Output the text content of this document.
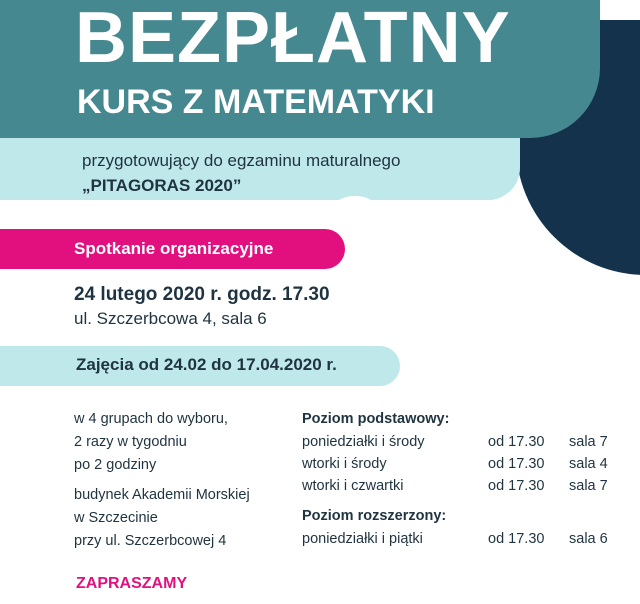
BEZPŁATNY
KURS Z MATEMATYKI
przygotowujący do egzaminu maturalnego
„PITAGORAS 2020”
Spotkanie organizacyjne
24 lutego 2020 r. godz. 17.30
ul. Szczerbcowa 4, sala 6
Zajęcia od 24.02 do 17.04.2020 r.
w 4 grupach do wyboru,
2 razy w tygodniu
po 2 godziny
budynek Akademii Morskiej
w Szczecinie
przy ul. Szczerbcowej 4
Poziom podstawowy:
poniedziałki i środy	od 17.30 sala 7
wtorki i środy	od 17.30 sala 4
wtorki i czwartki	od 17.30 sala 7
Poziom rozszerzony:
poniedziałki i piątki	od 17.30 sala 6
ZAPRASZAMY
